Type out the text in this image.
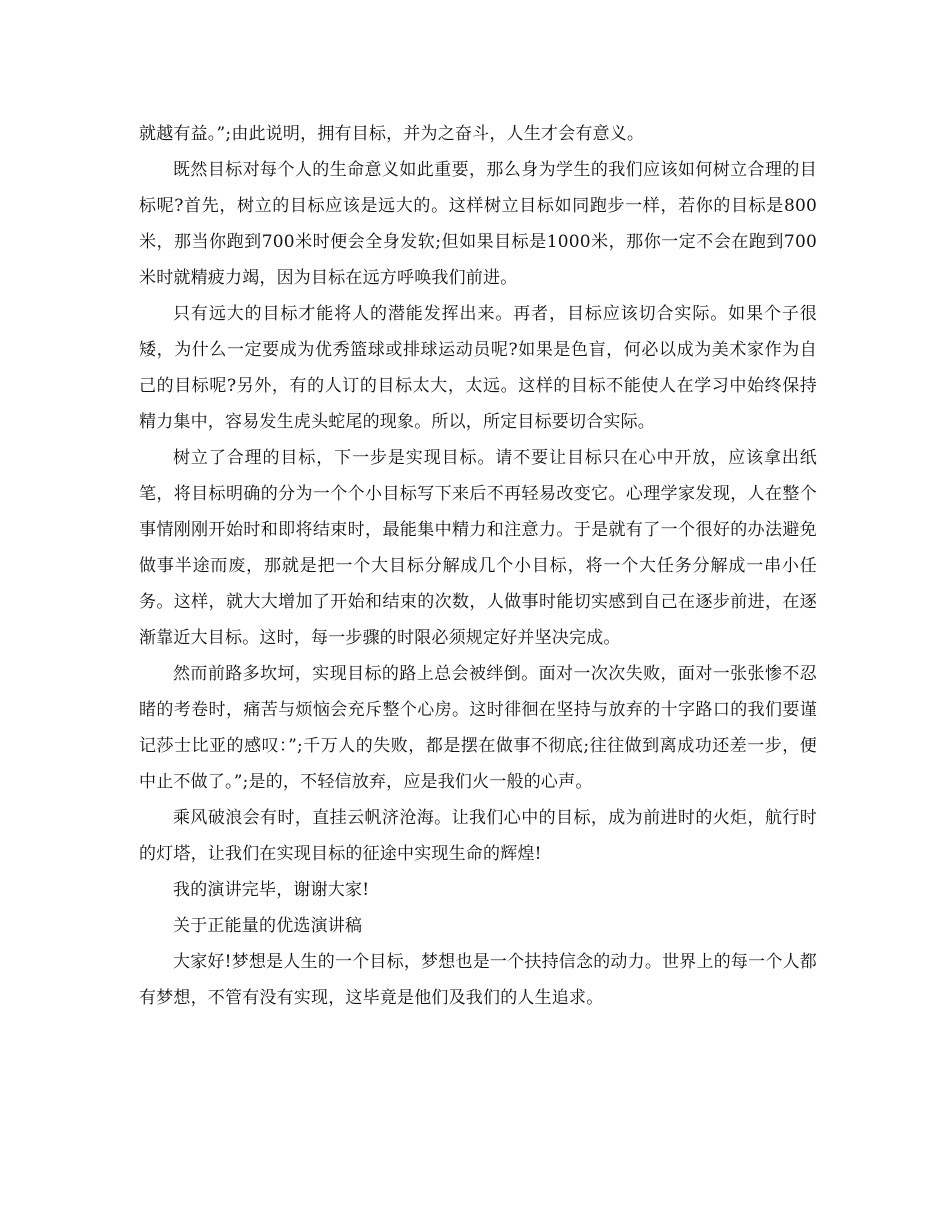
就越有益。”;由此说明，拥有目标，并为之奋斗，人生才会有意义。

既然目标对每个人的生命意义如此重要，那么身为学生的我们应该如何树立合理的目标呢?首先，树立的目标应该是远大的。这样树立目标如同跑步一样，若你的目标是800米，那当你跑到700米时便会全身发软;但如果目标是1000米，那你一定不会在跑到700米时就精疲力竭，因为目标在远方呼唤我们前进。

只有远大的目标才能将人的潜能发挥出来。再者，目标应该切合实际。如果个子很矮，为什么一定要成为优秀篮球或排球运动员呢?如果是色盲，何必以成为美术家作为自己的目标呢?另外，有的人订的目标太大，太远。这样的目标不能使人在学习中始终保持精力集中，容易发生虎头蛇尾的现象。所以，所定目标要切合实际。

树立了合理的目标，下一步是实现目标。请不要让目标只在心中开放，应该拿出纸笔，将目标明确的分为一个个小目标写下来后不再轻易改变它。心理学家发现，人在整个事情刚刚开始时和即将结束时，最能集中精力和注意力。于是就有了一个很好的办法避免做事半途而废，那就是把一个大目标分解成几个小目标，将一个大任务分解成一串小任务。这样，就大大增加了开始和结束的次数，人做事时能切实感到自己在逐步前进，在逐渐靠近大目标。这时，每一步骤的时限必须规定好并坚决完成。

然而前路多坎坷，实现目标的路上总会被绊倒。面对一次次失败，面对一张张惨不忍睹的考卷时，痛苦与烦恼会充斥整个心房。这时徘徊在坚持与放弃的十字路口的我们要谨记莎士比亚的感叹：”;千万人的失败，都是摆在做事不彻底;往往做到离成功还差一步，便中止不做了。”;是的，不轻信放弃，应是我们火一般的心声。

乘风破浪会有时，直挂云帆济沧海。让我们心中的目标，成为前进时的火炬，航行时的灯塔，让我们在实现目标的征途中实现生命的辉煌!

我的演讲完毕，谢谢大家!

关于正能量的优选演讲稿

大家好!梦想是人生的一个目标，梦想也是一个扶持信念的动力。世界上的每一个人都有梦想，不管有没有实现，这毕竟是他们及我们的人生追求。
